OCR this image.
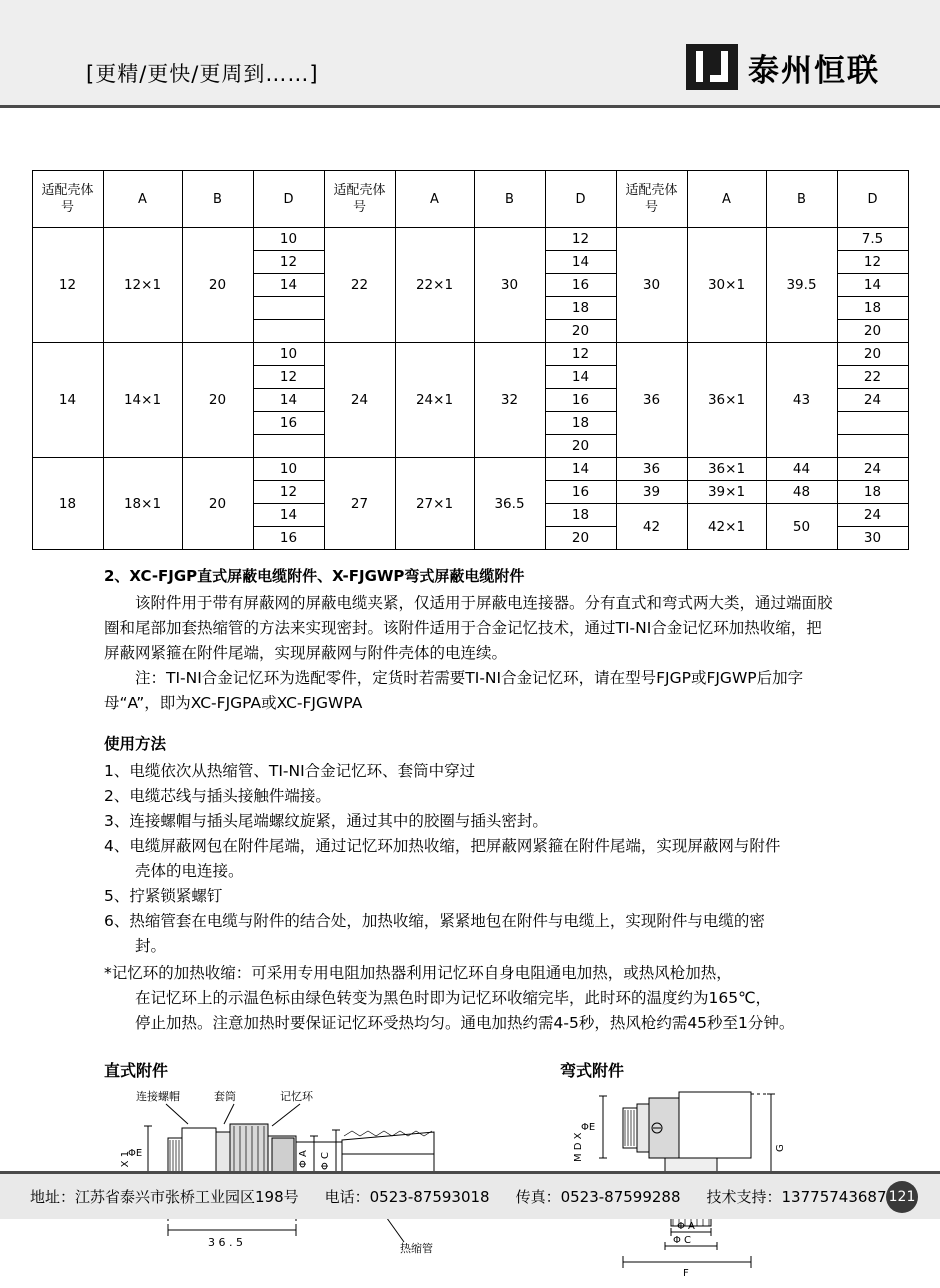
[更精/更快/更周到……]	泰州恒联
适配壳体号	A	B	D	适配壳体号	A	B	D	适配壳体号	A	B	D
12	12×1	20	10	22	22×1	30	12	30	30×1	39.5	7.5
			12				14				12
			14				16				14
							18				18
							20				20
14	14×1	20	10	24	24×1	32	12	36	36×1	43	20
			12				14				22
			14				16				24
			16				18				
							20				
18	18×1	20	10	27	27×1	36.5	14	36	36×1	44	24
			12				16	39	39×1	48	18
			14				18	42	42×1	50	24
			16				20				30
2、XC-FJGP直式屏蔽电缆附件、X-FJGWP弯式屏蔽电缆附件

该附件用于带有屏蔽网的屏蔽电缆夹紧，仅适用于屏蔽电连接器。分有直式和弯式两大类，通过端面胶圈和尾部加套热缩管的方法来实现密封。该附件适用于合金记忆技术，通过TI-NI合金记忆环加热收缩，把屏蔽网紧箍在附件尾端，实现屏蔽网与附件壳体的电连续。

注：TI-NI合金记忆环为选配零件，定货时若需要TI-NI合金记忆环，请在型号FJGP或FJGWP后加字母“A”，即为XC-FJGPA或XC-FJGWPA

使用方法
1、电缆依次从热缩管、TI-NI合金记忆环、套筒中穿过
2、电缆芯线与插头接触件端接。
3、连接螺帽与插头尾端螺纹旋紧，通过其中的胶圈与插头密封。
4、电缆屏蔽网包在附件尾端，通过记忆环加热收缩，把屏蔽网紧箍在附件尾端，实现屏蔽网与附件
壳体的电连接。
5、拧紧锁紧螺钉
6、热缩管套在电缆与附件的结合处，加热收缩，紧紧地包在附件与电缆上，实现附件与电缆的密
封。
*记忆环的加热收缩：可采用专用电阻加热器利用记忆环自身电阻通电加热，或热风枪加热，
在记忆环上的示温色标由绿色转变为黑色时即为记忆环收缩完毕，此时环的温度约为165℃，
停止加热。注意加热时要保证记忆环受热均匀。通电加热约需4-5秒，热风枪约需45秒至1分钟。
直式附件	弯式附件
连接螺帽	套筒	记忆环
热缩管
ΦE	Φ A Φ C
3 6 . 5
ΦE
M D X	G
Φ A
Φ C
F
地址：江苏省泰兴市张桥工业园区198号 电话：0523-87593018 传真：0523-87599288 技术支持：13775743687 121
